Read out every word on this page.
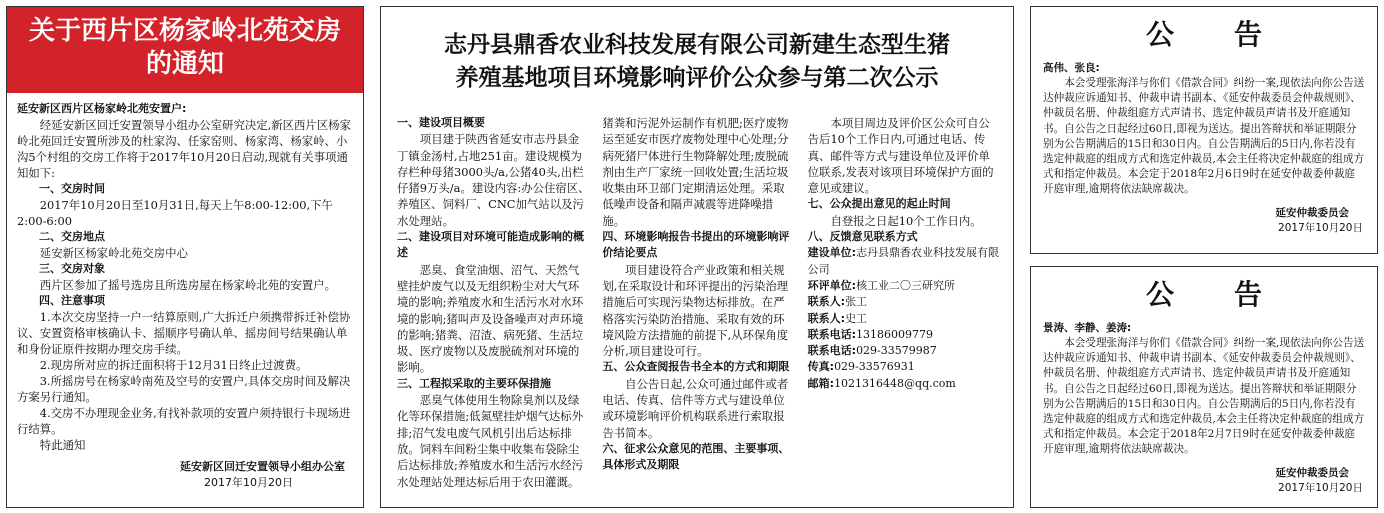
关于西片区杨家岭北苑交房的通知

延安新区西片区杨家岭北苑安置户:

经延安新区回迁安置领导小组办公室研究决定,新区西片区杨家岭北苑回迁安置所涉及的杜家沟、任家窑则、杨家湾、杨家岭、小沟5个村组的交房工作将于2017年10月20日启动,现就有关事项通知如下:

一、交房时间

2017年10月20日至10月31日,每天上午8:00-12:00,下午2:00-6:00

二、交房地点

延安新区杨家岭北苑交房中心

三、交房对象

西片区参加了摇号选房且所选房屋在杨家岭北苑的安置户。

四、注意事项

1.本次交房坚持一户一结算原则,广大拆迁户须携带拆迁补偿协议、安置资格审核确认卡、摇顺序号确认单、摇房间号结果确认单和身份证原件按期办理交房手续。

2.现房所对应的拆迁面积将于12月31日终止过渡费。

3.所摇房号在杨家岭南苑及空号的安置户,具体交房时间及解决方案另行通知。

4.交房不办理现金业务,有找补款项的安置户须持银行卡现场进行结算。

特此通知

延安新区回迁安置领导小组办公室

2017年10月20日

志丹县鼎香农业科技发展有限公司新建生态型生猪
养殖基地项目环境影响评价公众参与第二次公示

一、建设项目概要

项目建于陕西省延安市志丹县金丁镇金汤村,占地251亩。建设规模为存栏种母猪3000头/a,公猪40头,出栏仔猪9万头/a。建设内容:办公住宿区、养殖区、饲料厂、CNC加气站以及污水处理站。

二、建设项目对环境可能造成影响的概述

恶臭、食堂油烟、沼气、天然气壁挂炉废气以及无组织粉尘对大气环境的影响;养殖废水和生活污水对水环境的影响;猪叫声及设备噪声对声环境的影响;猪粪、沼渣、病死猪、生活垃圾、医疗废物以及废脱硫剂对环境的影响。

三、工程拟采取的主要环保措施

恶臭气体使用生物除臭剂以及绿化等环保措施;低氮壁挂炉烟气达标外排;沼气发电废气风机引出后达标排放。饲料车间粉尘集中收集布袋除尘后达标排放;养殖废水和生活污水经污水处理站处理达标后用于农田灌溉。猪粪和污泥外运制作有机肥;医疗废物运至延安市医疗废物处理中心处理;分病死猪尸体进行生物降解处理;废脱硫剂由生产厂家统一回收处置;生活垃圾收集由环卫部门定期清运处理。采取低噪声设备和隔声减震等进降噪措施。

四、环境影响报告书提出的环境影响评价结论要点

项目建设符合产业政策和相关规划,在采取设计和环评提出的污染治理措施后可实现污染物达标排放。在严格落实污染防治措施、采取有效的环境风险方法措施的前提下,从环保角度分析,项目建设可行。

五、公众查阅报告书全本的方式和期限

自公告日起,公众可通过邮件或者电话、传真、信件等方式与建设单位或环境影响评价机构联系进行索取报告书简本。

六、征求公众意见的范围、主要事项、具体形式及期限

本项目周边及评价区公众可自公告后10个工作日内,可通过电话、传真、邮件等方式与建设单位及评价单位联系,发表对该项目环境保护方面的意见或建议。

七、公众提出意见的起止时间

自登报之日起10个工作日内。

八、反馈意见联系方式

建设单位:志丹县鼎香农业科技发展有限公司

环评单位:核工业二〇三研究所

联系人:张工

联系人:史工

联系电话:13186009779

联系电话:029-33579987

传真:029-33576931

邮箱:1021316448@qq.com

公告
高伟、张良:
本会受理张海洋与你们《借款合同》纠纷一案,现依法向你公告送达仲裁应诉通知书、仲裁申请书副本、《延安仲裁委员会仲裁规则》、仲裁员名册、仲裁组庭方式声请书、选定仲裁员声请书及开庭通知书。自公告之日起经过60日,即视为送达。提出答辩状和举证期限分别为公告期满后的15日和30日内。自公告期满后的5日内,你若没有选定仲裁庭的组成方式和选定仲裁员,本会主任将决定仲裁庭的组成方式和指定仲裁员。本会定于2018年2月6日9时在延安仲裁委仲裁庭开庭审理,逾期将依法缺席裁决。
延安仲裁委员会
2017年10月20日
公告
景涛、李静、姜涛:
本会受理张海洋与你们《借款合同》纠纷一案,现依法向你公告送达仲裁应诉通知书、仲裁申请书副本、《延安仲裁委员会仲裁规则》、仲裁员名册、仲裁组庭方式声请书、选定仲裁员声请书及开庭通知书。自公告之日起经过60日,即视为送达。提出答辩状和举证期限分别为公告期满后的15日和30日内。自公告期满后的5日内,你若没有选定仲裁庭的组成方式和选定仲裁员,本会主任将决定仲裁庭的组成方式和指定仲裁员。本会定于2018年2月7日9时在延安仲裁委仲裁庭开庭审理,逾期将依法缺席裁决。
延安仲裁委员会
2017年10月20日
